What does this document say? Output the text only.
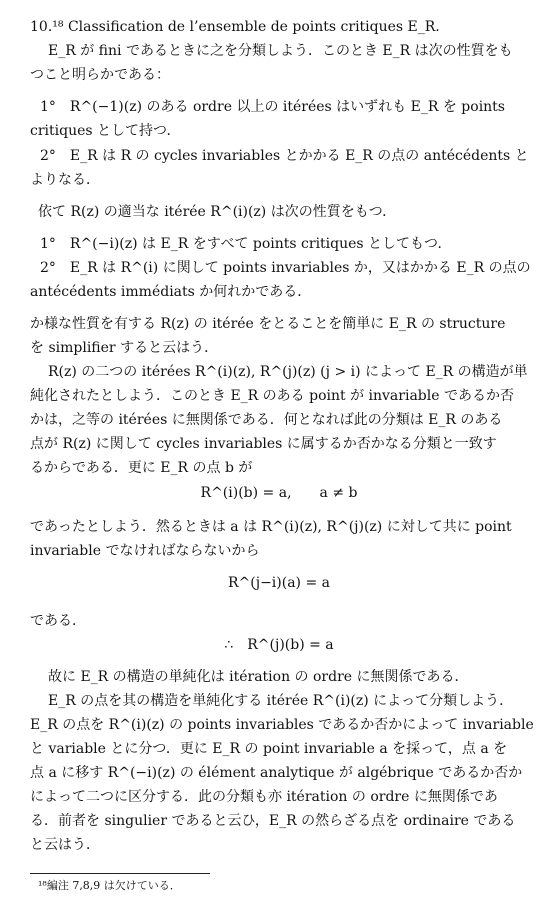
10.¹⁸ Classification de l’ensemble de points critiques E_R.
E_R が fini であるときに之を分類しよう．このとき E_R は次の性質をも
つこと明らかである：
1°　R^(−1)(z) のある ordre 以上の itérées はいずれも E_R を points
critiques として持つ．
2°　E_R は R の cycles invariables とかかる E_R の点の antécédents と
よりなる．
依て R(z) の適当な itérée R^(i)(z) は次の性質をもつ．
1°　R^(−i)(z) は E_R をすべて points critiques としてもつ．
2°　E_R は R^(i) に関して points invariables か，又はかかる E_R の点の
antécédents immédiats か何れかである．
か様な性質を有する R(z) の itérée をとることを簡単に E_R の structure
を simplifier すると云はう．
R(z) の二つの itérées R^(i)(z), R^(j)(z) (j > i) によって E_R の構造が単
純化されたとしよう．このとき E_R のある point が invariable であるか否
かは，之等の itérées に無関係である．何となれば此の分類は E_R のある
点が R(z) に関して cycles invariables に属するか否かなる分類と一致す
るからである．更に E_R の点 b が
R^(i)(b) = a,　　a ≠ b
であったとしよう．然るときは a は R^(i)(z), R^(j)(z) に対して共に point
invariable でなければならないから
R^(j−i)(a) = a
である．
∴　R^(j)(b) = a
故に E_R の構造の単純化は itération の ordre に無関係である．
E_R の点を其の構造を単純化する itérée R^(i)(z) によって分類しよう．
E_R の点を R^(i)(z) の points invariables であるか否かによって invariable
と variable とに分つ．更に E_R の point invariable a を採って，点 a を
点 a に移す R^(−i)(z) の élément analytique が algébrique であるか否か
によって二つに区分する．此の分類も亦 itération の ordre に無関係であ
る．前者を singulier であると云ひ，E_R の然らざる点を ordinaire である
と云はう．
¹⁸編注 7,8,9 は欠けている．
